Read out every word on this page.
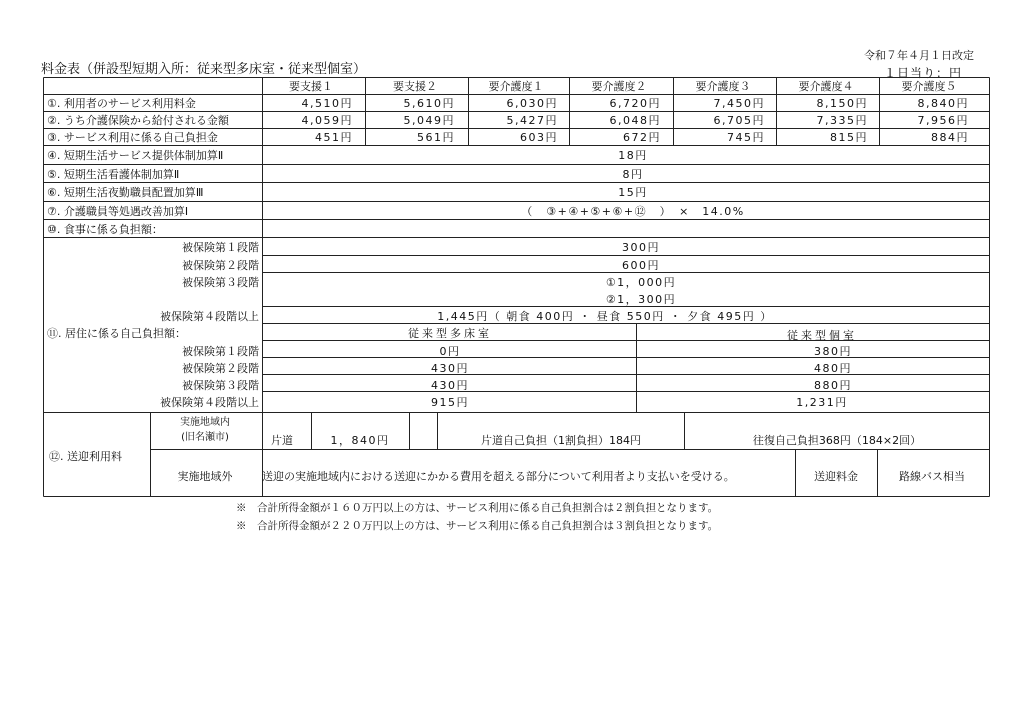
令和７年４月１日改定
料金表（併設型短期入所：従来型多床室・従来型個室）	１日当り：円
要支援１	要支援２	要介護度１	要介護度２	要介護度３	要介護度４	要介護度５
①. 利用者のサービス利用料金	4,510円	5,610円	6,030円	6,720円	7,450円	8,150円	8,840円
②. うち介護保険から給付される金額	4,059円	5,049円	5,427円	6,048円	6,705円	7,335円	7,956円
③. サービス利用に係る自己負担金	451円	561円	603円	672円	745円	815円	884円
④. 短期生活サービス提供体制加算Ⅱ	18円
⑤. 短期生活看護体制加算Ⅱ	8円
⑥. 短期生活夜勤職員配置加算Ⅲ	15円
⑦. 介護職員等処遇改善加算Ⅰ	（　③+④+⑤+⑥+⑫　）　×　14.0%
⑩. 食事に係る負担額：
被保険第１段階	300円
被保険第２段階	600円
被保険第３段階	①1，000円
②1，300円
被保険第４段階以上	1,445円（ 朝食 400円 ・ 昼食 550円 ・ 夕食 495円 ）
⑪. 居住に係る自己負担額：	従来型多床室	従来型個室
被保険第１段階	0円	380円
被保険第２段階	430円	480円
被保険第３段階	430円	880円
被保険第４段階以上	915円	1,231円
⑫. 送迎利用料
実施地域内
(旧名瀬市)	片道	1，840円	片道自己負担（1割負担）184円	往復自己負担368円（184×2回）
実施地域外	送迎の実施地域内における送迎にかかる費用を超える部分について利用者より支払いを受ける。	送迎料金	路線バス相当
※　合計所得金額が１６０万円以上の方は、サービス利用に係る自己負担割合は２割負担となります。
※　合計所得金額が２２０万円以上の方は、サービス利用に係る自己負担割合は３割負担となります。
